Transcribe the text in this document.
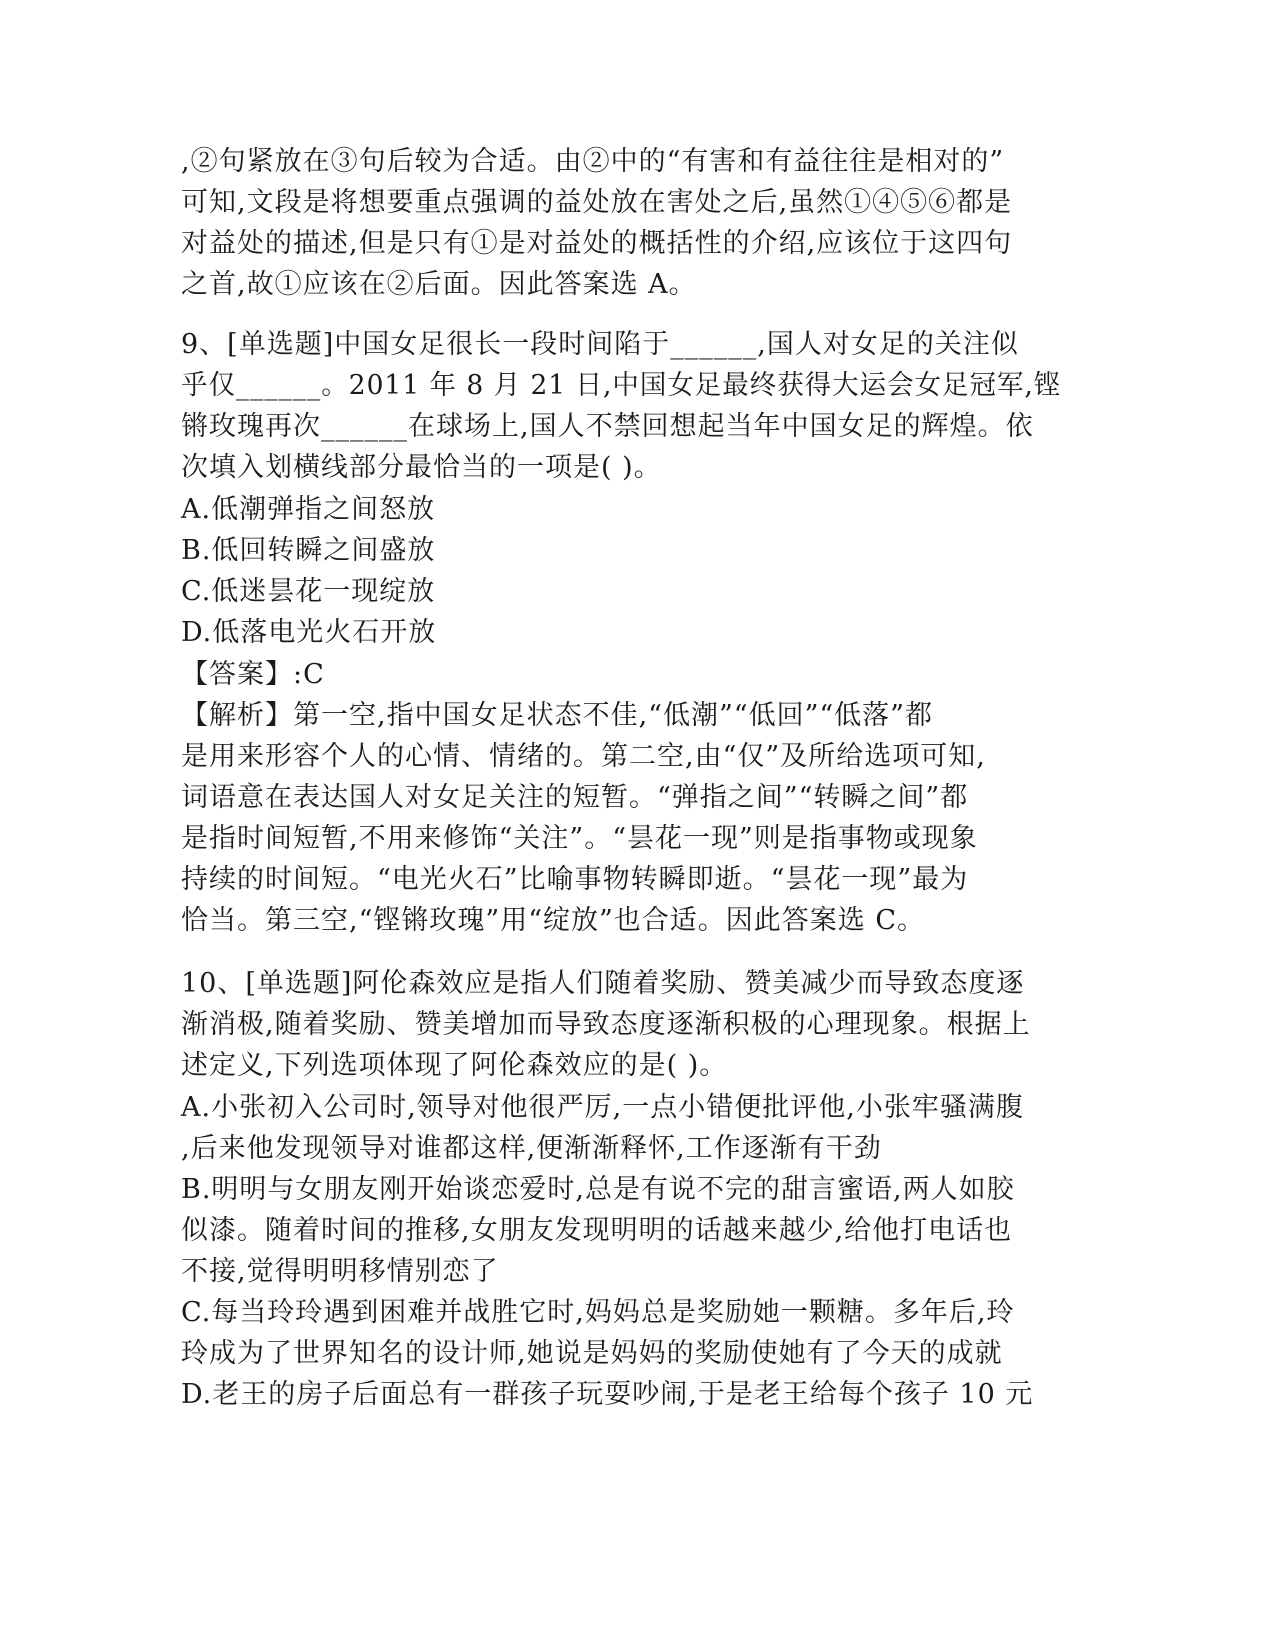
,②句紧放在③句后较为合适。由②中的“有害和有益往往是相对的”
可知,文段是将想要重点强调的益处放在害处之后,虽然①④⑤⑥都是
对益处的描述,但是只有①是对益处的概括性的介绍,应该位于这四句
之首,故①应该在②后面。因此答案选 A。
9、[单选题]中国女足很长一段时间陷于______,国人对女足的关注似
乎仅______。2011 年 8 月 21 日,中国女足最终获得大运会女足冠军,铿
锵玫瑰再次______在球场上,国人不禁回想起当年中国女足的辉煌。依
次填入划横线部分最恰当的一项是( )。
A.低潮弹指之间怒放
B.低回转瞬之间盛放
C.低迷昙花一现绽放
D.低落电光火石开放
【答案】:C
【解析】第一空,指中国女足状态不佳,“低潮”“低回”“低落”都
是用来形容个人的心情、情绪的。第二空,由“仅”及所给选项可知,
词语意在表达国人对女足关注的短暂。“弹指之间”“转瞬之间”都
是指时间短暂,不用来修饰“关注”。“昙花一现”则是指事物或现象
持续的时间短。“电光火石”比喻事物转瞬即逝。“昙花一现”最为
恰当。第三空,“铿锵玫瑰”用“绽放”也合适。因此答案选 C。
10、[单选题]阿伦森效应是指人们随着奖励、赞美减少而导致态度逐
渐消极,随着奖励、赞美增加而导致态度逐渐积极的心理现象。根据上
述定义,下列选项体现了阿伦森效应的是( )。
A.小张初入公司时,领导对他很严厉,一点小错便批评他,小张牢骚满腹
,后来他发现领导对谁都这样,便渐渐释怀,工作逐渐有干劲
B.明明与女朋友刚开始谈恋爱时,总是有说不完的甜言蜜语,两人如胶
似漆。随着时间的推移,女朋友发现明明的话越来越少,给他打电话也
不接,觉得明明移情别恋了
C.每当玲玲遇到困难并战胜它时,妈妈总是奖励她一颗糖。多年后,玲
玲成为了世界知名的设计师,她说是妈妈的奖励使她有了今天的成就
D.老王的房子后面总有一群孩子玩耍吵闹,于是老王给每个孩子 10 元
